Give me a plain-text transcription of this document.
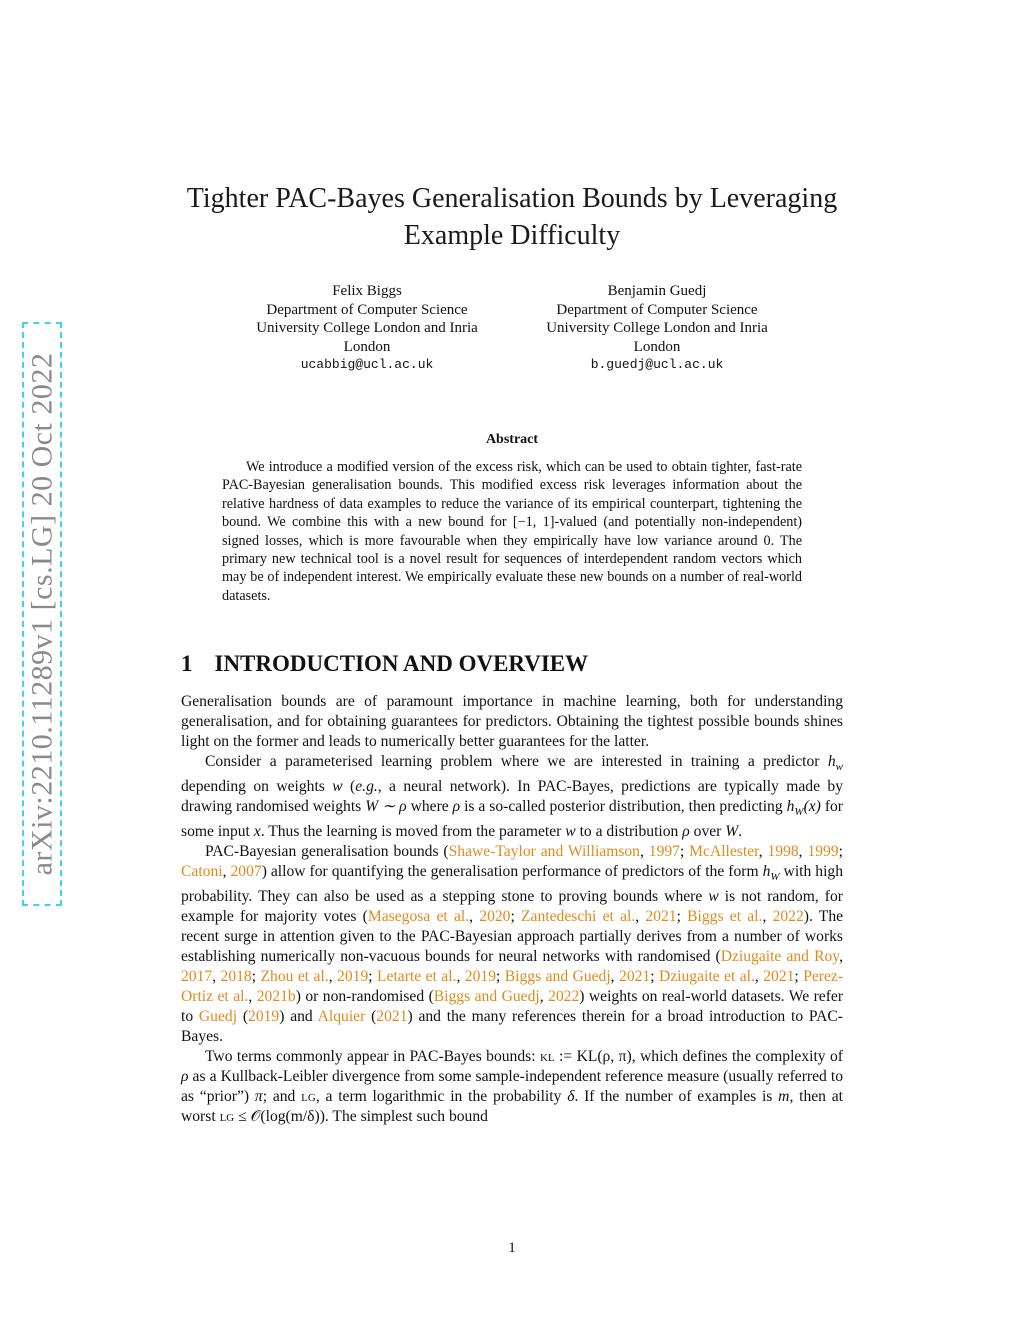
arXiv:2210.11289v1 [cs.LG] 20 Oct 2022
Tighter PAC-Bayes Generalisation Bounds by Leveraging Example Difficulty
Felix Biggs
Department of Computer Science
University College London and Inria
London
ucabbig@ucl.ac.uk
Benjamin Guedj
Department of Computer Science
University College London and Inria
London
b.guedj@ucl.ac.uk
Abstract
We introduce a modified version of the excess risk, which can be used to obtain tighter, fast-rate PAC-Bayesian generalisation bounds. This modified excess risk leverages information about the relative hardness of data examples to reduce the variance of its empirical counterpart, tightening the bound. We combine this with a new bound for [−1, 1]-valued (and potentially non-independent) signed losses, which is more favourable when they empirically have low variance around 0. The primary new technical tool is a novel result for sequences of interdependent random vectors which may be of independent interest. We empirically evaluate these new bounds on a number of real-world datasets.
1 INTRODUCTION AND OVERVIEW

Generalisation bounds are of paramount importance in machine learning, both for understanding generalisation, and for obtaining guarantees for predictors. Obtaining the tightest possible bounds shines light on the former and leads to numerically better guarantees for the latter.

Consider a parameterised learning problem where we are interested in training a predictor $h_w$ depending on weights w (e.g., a neural network). In PAC-Bayes, predictions are typically made by drawing randomised weights W ∼ ρ where ρ is a so-called posterior distribution, then predicting $h_W(x)$ for some input x. Thus the learning is moved from the parameter w to a distribution ρ over W.

PAC-Bayesian generalisation bounds (Shawe-Taylor and Williamson, 1997; McAllester, 1998, 1999; Catoni, 2007) allow for quantifying the generalisation performance of predictors of the form $h_W$ with high probability. They can also be used as a stepping stone to proving bounds where w is not random, for example for majority votes (Masegosa et al., 2020; Zantedeschi et al., 2021; Biggs et al., 2022). The recent surge in attention given to the PAC-Bayesian approach partially derives from a number of works establishing numerically non-vacuous bounds for neural networks with randomised (Dziugaite and Roy, 2017, 2018; Zhou et al., 2019; Letarte et al., 2019; Biggs and Guedj, 2021; Dziugaite et al., 2021; Perez-Ortiz et al., 2021b) or non-randomised (Biggs and Guedj, 2022) weights on real-world datasets. We refer to Guedj (2019) and Alquier (2021) and the many references therein for a broad introduction to PAC-Bayes.

Two terms commonly appear in PAC-Bayes bounds: kl := KL(ρ, π), which defines the complexity of ρ as a Kullback-Leibler divergence from some sample-independent reference measure (usually referred to as “prior”) π; and lg, a term logarithmic in the probability δ. If the number of examples is m, then at worst lg ≤ 𝒪(log(m/δ)). The simplest such bound

1
